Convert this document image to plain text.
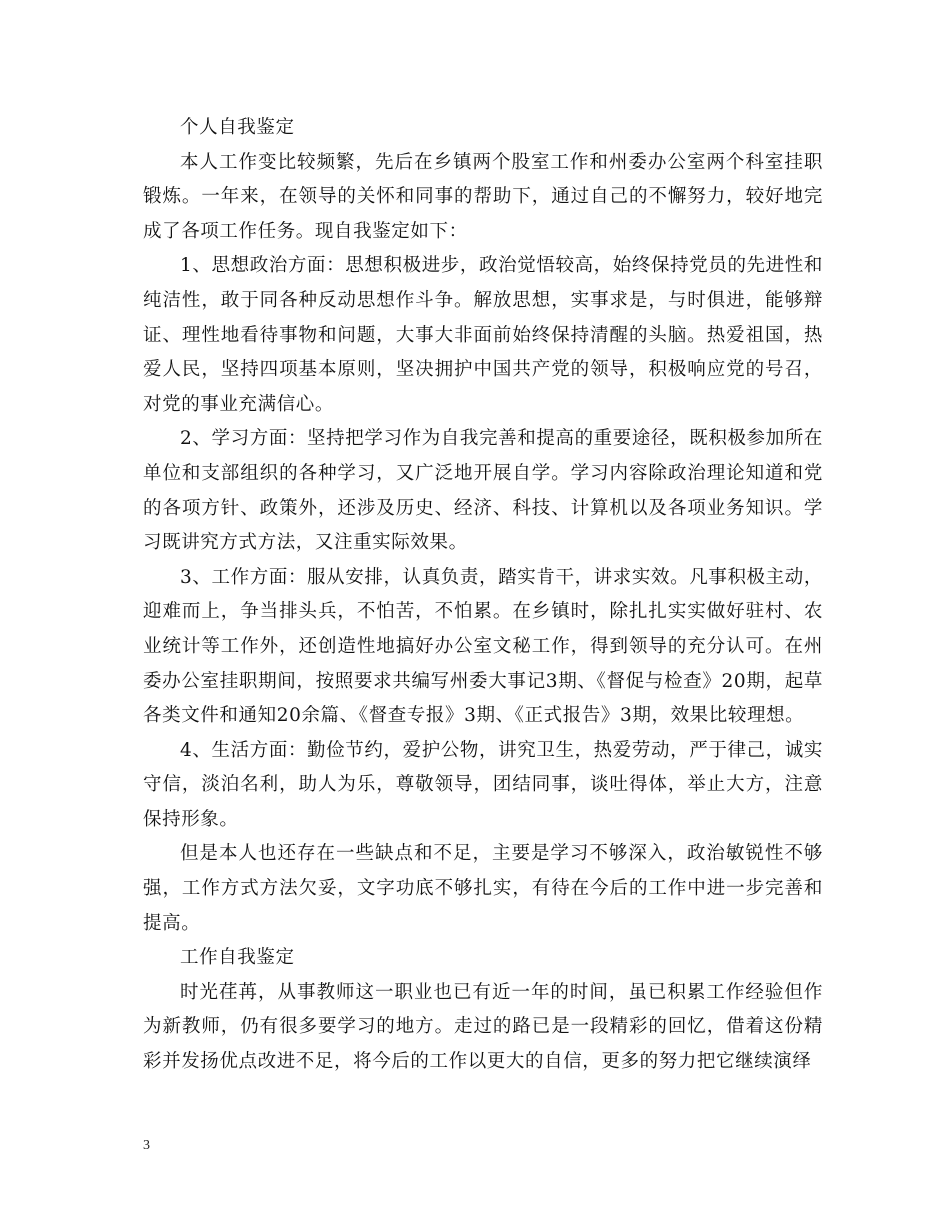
个人自我鉴定

本人工作变比较频繁，先后在乡镇两个股室工作和州委办公室两个科室挂职锻炼。一年来，在领导的关怀和同事的帮助下，通过自己的不懈努力，较好地完成了各项工作任务。现自我鉴定如下：

1、思想政治方面：思想积极进步，政治觉悟较高，始终保持党员的先进性和纯洁性，敢于同各种反动思想作斗争。解放思想，实事求是，与时俱进，能够辩证、理性地看待事物和问题，大事大非面前始终保持清醒的头脑。热爱祖国，热爱人民，坚持四项基本原则，坚决拥护中国共产党的领导，积极响应党的号召，对党的事业充满信心。

2、学习方面：坚持把学习作为自我完善和提高的重要途径，既积极参加所在单位和支部组织的各种学习，又广泛地开展自学。学习内容除政治理论知道和党的各项方针、政策外，还涉及历史、经济、科技、计算机以及各项业务知识。学习既讲究方式方法，又注重实际效果。

3、工作方面：服从安排，认真负责，踏实肯干，讲求实效。凡事积极主动，迎难而上，争当排头兵，不怕苦，不怕累。在乡镇时，除扎扎实实做好驻村、农业统计等工作外，还创造性地搞好办公室文秘工作，得到领导的充分认可。在州委办公室挂职期间，按照要求共编写州委大事记3期、《督促与检查》20期，起草各类文件和通知20余篇、《督查专报》3期、《正式报告》3期，效果比较理想。

4、生活方面：勤俭节约，爱护公物，讲究卫生，热爱劳动，严于律己，诚实守信，淡泊名利，助人为乐，尊敬领导，团结同事，谈吐得体，举止大方，注意保持形象。

但是本人也还存在一些缺点和不足，主要是学习不够深入，政治敏锐性不够强，工作方式方法欠妥，文字功底不够扎实，有待在今后的工作中进一步完善和提高。

工作自我鉴定

时光荏苒，从事教师这一职业也已有近一年的时间，虽已积累工作经验但作为新教师，仍有很多要学习的地方。走过的路已是一段精彩的回忆，借着这份精彩并发扬优点改进不足，将今后的工作以更大的自信，更多的努力把它继续演绎

3
